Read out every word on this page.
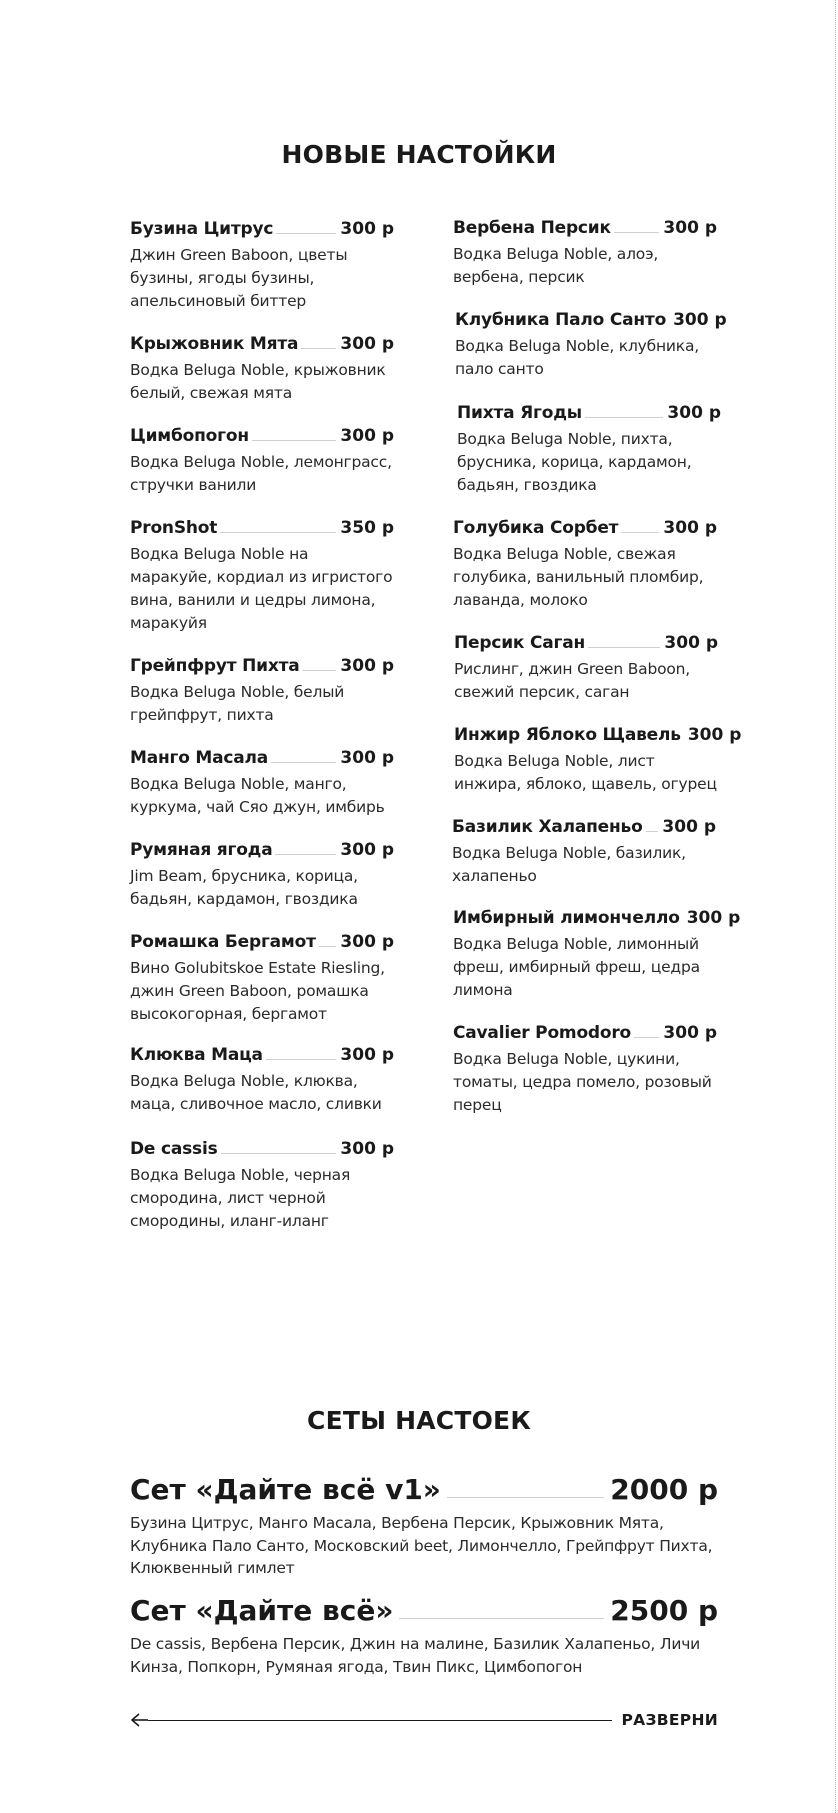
НОВЫЕ НАСТОЙКИ
Бузина Цитрус	300 р
Джин Green Baboon, цветы бузины, ягоды бузины, апельсиновый биттер
Крыжовник Мята 300 р
Водка Beluga Noble, крыжовник белый, свежая мята
Цимбопогон	300 р
Водка Beluga Noble, лемонграсс, стручки ванили
PronShot	350 р
Водка Beluga Noble на маракуйе, кордиал из игристого вина, ванили и цедры лимона, маракуйя
Грейпфрут Пихта 300 р
Водка Beluga Noble, белый грейпфрут, пихта
Манго Масала	300 р
Водка Beluga Noble, манго, куркума, чай Сяо джун, имбирь
Румяная ягода	300 р
Jim Beam, брусника, корица, бадьян, кардамон, гвоздика
Ромашка Бергамот 300 р
Вино Golubitskoe Estate Riesling, джин Green Baboon, ромашка высокогорная, бергамот
Клюква Маца	300 р
Водка Beluga Noble, клюква, маца, сливочное масло, сливки
De cassis	300 р
Водка Beluga Noble, черная смородина, лист черной смородины, иланг-иланг
Вербена Персик	300 р
Водка Beluga Noble, алоэ, вербена, персик
Клубника Пало Санто 300 р
Водка Beluga Noble, клубника, пало санто
Пихта Ягоды	300 р
Водка Beluga Noble, пихта, брусника, корица, кардамон, бадьян, гвоздика
Голубика Сорбет	300 р
Водка Beluga Noble, свежая голубика, ванильный пломбир, лаванда, молоко
Персик Саган	300 р
Рислинг, джин Green Baboon, свежий персик, саган
Инжир Яблоко Щавель 300 р
Водка Beluga Noble, лист инжира, яблоко, щавель, огурец
Базилик Халапеньо 300 р
Водка Beluga Noble, базилик, халапеньо
Имбирный лимончелло 300 р
Водка Beluga Noble, лимонный фреш, имбирный фреш, цедра лимона
Cavalier Pomodoro 300 р
Водка Beluga Noble, цукини, томаты, цедра помело, розовый перец
СЕТЫ НАСТОЕК
Сет «Дайте всё v1»	2000 р
Бузина Цитрус, Манго Масала, Вербена Персик, Крыжовник Мята, Клубника Пало Санто, Московский beet, Лимончелло, Грейпфрут Пихта, Клюквенный гимлет
Сет «Дайте всё»	2500 р
De cassis, Вербена Персик, Джин на малине, Базилик Халапеньо, Личи Кинза, Попкорн, Румяная ягода, Твин Пикс, Цимбопогон
РАЗВЕРНИ
